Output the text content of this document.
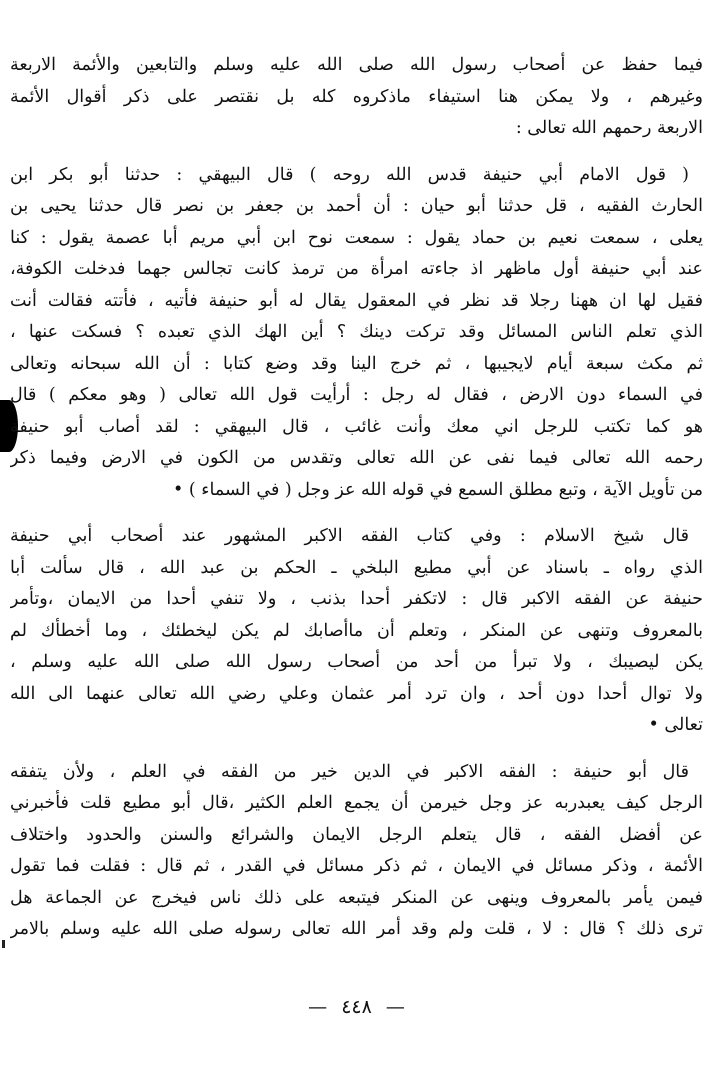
فيما حفظ عن أصحاب رسول الله صلى الله عليه وسلم والتابعين والأئمة الاربعة
وغيرهم ، ولا يمكن هنا استيفاء ماذكروه كله بل نقتصر على ذكر أقوال الأئمة
الاربعة رحمهم الله تعالى :
( قول الامام أبي حنيفة قدس الله روحه ) قال البيهقي : حدثنا أبو بكر ابن
الحارث الفقيه ، قل حدثنا أبو حيان : أن أحمد بن جعفر بن نصر قال حدثنا يحيى بن
يعلى ، سمعت نعيم بن حماد يقول : سمعت نوح ابن أبي مريم أبا عصمة يقول : كنا
عند أبي حنيفة أول ماظهر اذ جاءته امرأة من ترمذ كانت تجالس جهما فدخلت الكوفة،
فقيل لها ان ههنا رجلا قد نظر في المعقول يقال له أبو حنيفة فأتيه ، فأتته فقالت أنت
الذي تعلم الناس المسائل وقد تركت دينك ؟ أين الهك الذي تعبده ؟ فسكت عنها ،
ثم مكث سبعة أيام لايجيبها ، ثم خرج الينا وقد وضع كتابا : أن الله سبحانه وتعالى
في السماء دون الارض ، فقال له رجل : أرأيت قول الله تعالى ( وهو معكم ) قال
هو كما تكتب للرجل اني معك وأنت غائب ، قال البيهقي : لقد أصاب أبو حنيفة
رحمه الله تعالى فيما نفى عن الله تعالى وتقدس من الكون في الارض وفيما ذكر
من تأويل الآية ، وتبع مطلق السمع في قوله الله عز وجل ( في السماء ) •
قال شيخ الاسلام : وفي كتاب الفقه الاكبر المشهور عند أصحاب أبي حنيفة
الذي رواه ـ باسناد عن أبي مطيع البلخي ـ الحكم بن عبد الله ، قال سألت أبا
حنيفة عن الفقه الاكبر قال : لاتكفر أحدا بذنب ، ولا تنفي أحدا من الايمان ،وتأمر
بالمعروف وتنهى عن المنكر ، وتعلم أن ماأصابك لم يكن ليخطئك ، وما أخطأك لم
يكن ليصيبك ، ولا تبرأ من أحد من أصحاب رسول الله صلى الله عليه وسلم ،
ولا توال أحدا دون أحد ، وان ترد أمر عثمان وعلي رضي الله تعالى عنهما الى الله
تعالى •
قال أبو حنيفة : الفقه الاكبر في الدين خير من الفقه في العلم ، ولأن يتفقه
الرجل كيف يعبدربه عز وجل خيرمن أن يجمع العلم الكثير ،قال أبو مطيع قلت فأخبرني
عن أفضل الفقه ، قال يتعلم الرجل الايمان والشرائع والسنن والحدود واختلاف
الأئمة ، وذكر مسائل في الايمان ، ثم ذكر مسائل في القدر ، ثم قال : فقلت فما تقول
فيمن يأمر بالمعروف وينهى عن المنكر فيتبعه على ذلك ناس فيخرج عن الجماعة هل
ترى ذلك ؟ قال : لا ، قلت ولم وقد أمر الله تعالى رسوله صلى الله عليه وسلم بالامر
— ٤٤٨ —
